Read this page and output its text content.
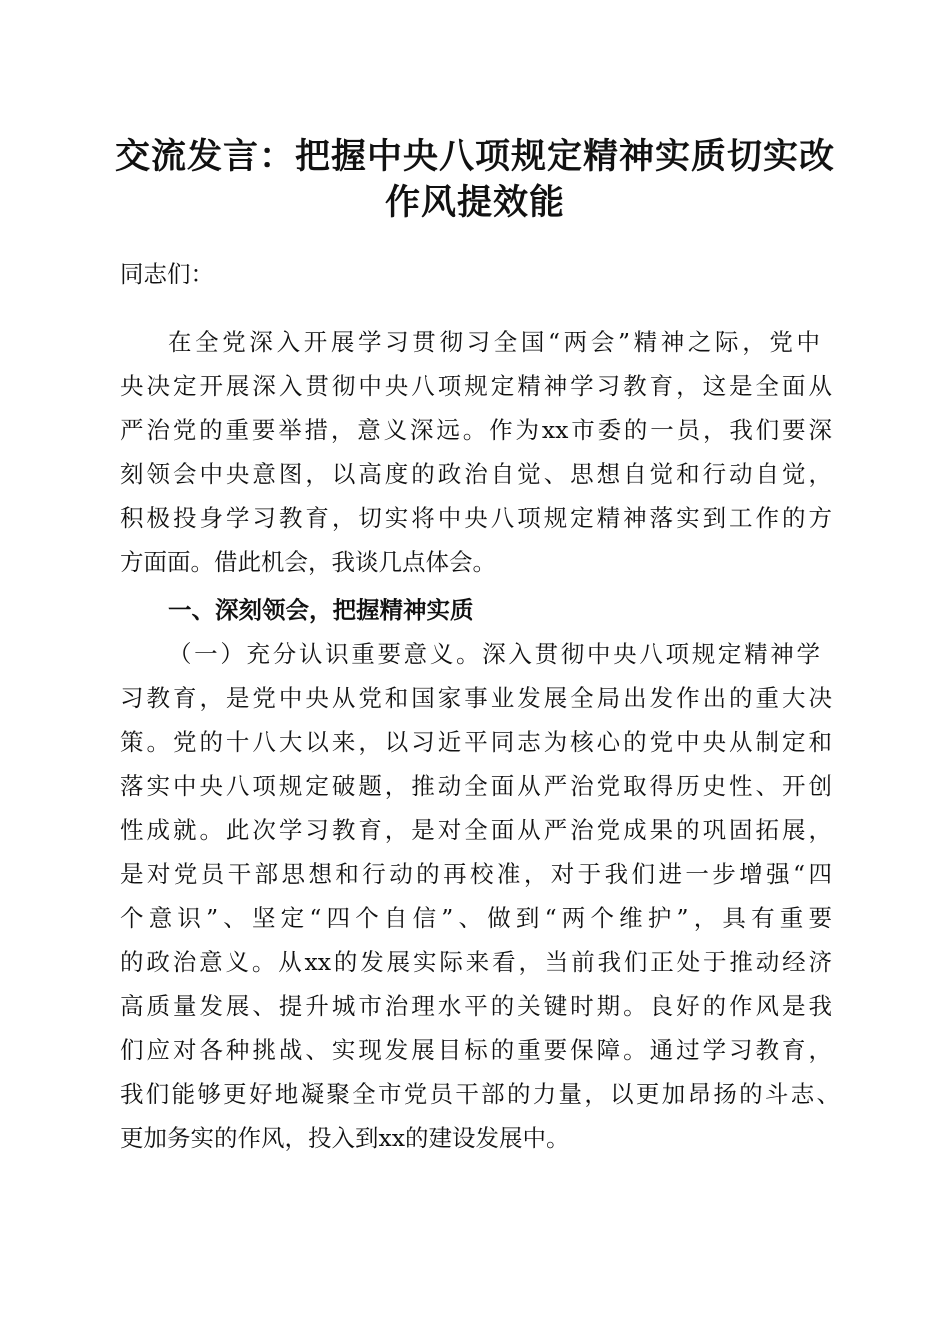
交流发言：把握中央八项规定精神实质切实改
作风提效能
同志们：
在全党深入开展学习贯彻习全国“两会”精神之际，党中
央决定开展深入贯彻中央八项规定精神学习教育，这是全面从
严治党的重要举措，意义深远。作为xx市委的一员，我们要深
刻领会中央意图，以高度的政治自觉、思想自觉和行动自觉，
积极投身学习教育，切实将中央八项规定精神落实到工作的方
方面面。借此机会，我谈几点体会。
一、深刻领会，把握精神实质
（一）充分认识重要意义。深入贯彻中央八项规定精神学
习教育，是党中央从党和国家事业发展全局出发作出的重大决
策。党的十八大以来，以习近平同志为核心的党中央从制定和
落实中央八项规定破题，推动全面从严治党取得历史性、开创
性成就。此次学习教育，是对全面从严治党成果的巩固拓展，
是对党员干部思想和行动的再校准，对于我们进一步增强“四
个意识”、坚定“四个自信”、做到“两个维护”，具有重要
的政治意义。从xx的发展实际来看，当前我们正处于推动经济
高质量发展、提升城市治理水平的关键时期。良好的作风是我
们应对各种挑战、实现发展目标的重要保障。通过学习教育，
我们能够更好地凝聚全市党员干部的力量，以更加昂扬的斗志、
更加务实的作风，投入到xx的建设发展中。
